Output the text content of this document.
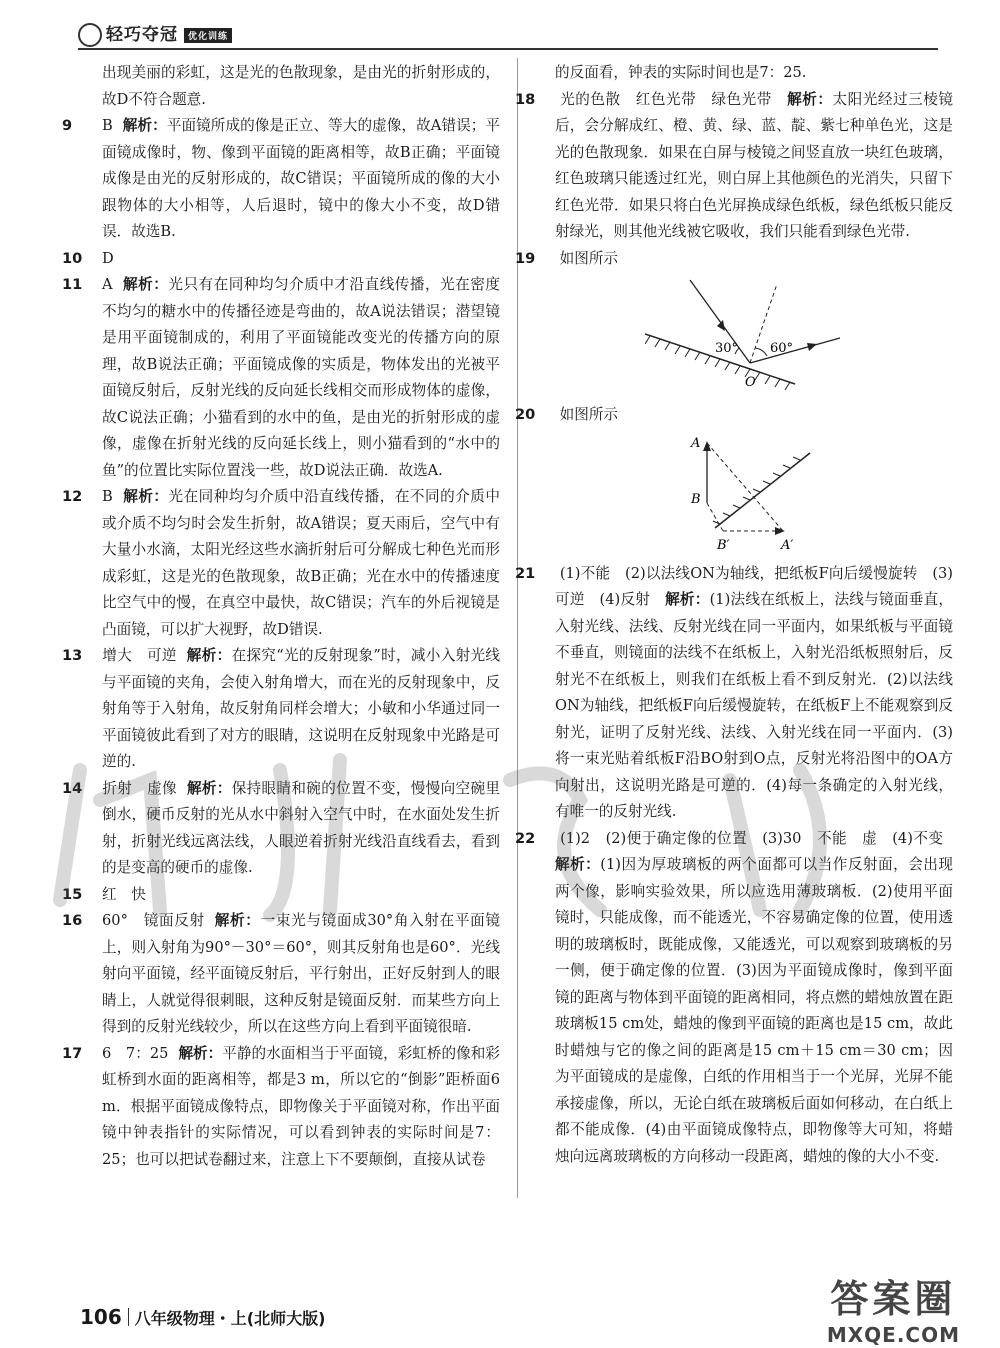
轻巧夺冠 优化训练
出现美丽的彩虹，这是光的色散现象，是由光的折射形成的，故D不符合题意.
9 B 解析：平面镜所成的像是正立、等大的虚像，故A错误；平面镜成像时，物、像到平面镜的距离相等，故B正确；平面镜成像是由光的反射形成的，故C错误；平面镜所成的像的大小跟物体的大小相等，人后退时，镜中的像大小不变，故D错误．故选B.
10 D
11 A 解析：光只有在同种均匀介质中才沿直线传播，光在密度不均匀的糖水中的传播径迹是弯曲的，故A说法错误；潜望镜是用平面镜制成的，利用了平面镜能改变光的传播方向的原理，故B说法正确；平面镜成像的实质是，物体发出的光被平面镜反射后，反射光线的反向延长线相交而形成物体的虚像，故C说法正确；小猫看到的水中的鱼，是由光的折射形成的虚像，虚像在折射光线的反向延长线上，则小猫看到的“水中的鱼”的位置比实际位置浅一些，故D说法正确．故选A.
12 B 解析：光在同种均匀介质中沿直线传播，在不同的介质中或介质不均匀时会发生折射，故A错误；夏天雨后，空气中有大量小水滴，太阳光经这些水滴折射后可分解成七种色光而形成彩虹，这是光的色散现象，故B正确；光在水中的传播速度比空气中的慢，在真空中最快，故C错误；汽车的外后视镜是凸面镜，可以扩大视野，故D错误.
13 增大　可逆 解析：在探究“光的反射现象”时，减小入射光线与平面镜的夹角，会使入射角增大，而在光的反射现象中，反射角等于入射角，故反射角同样会增大；小敏和小华通过同一平面镜彼此看到了对方的眼睛，这说明在反射现象中光路是可逆的.
14 折射　虚像 解析：保持眼睛和碗的位置不变，慢慢向空碗里倒水，硬币反射的光从水中斜射入空气中时，在水面处发生折射，折射光线远离法线，人眼逆着折射光线沿直线看去，看到的是变高的硬币的虚像.
15 红　快
16 60°　镜面反射 解析：一束光与镜面成30°角入射在平面镜上，则入射角为90°－30°＝60°，则其反射角也是60°．光线射向平面镜，经平面镜反射后，平行射出，正好反射到人的眼睛上，人就觉得很刺眼，这种反射是镜面反射．而某些方向上得到的反射光线较少，所以在这些方向上看到平面镜很暗.
17 6　7：25 解析：平静的水面相当于平面镜，彩虹桥的像和彩虹桥到水面的距离相等，都是3 m，所以它的“倒影”距桥面6 m．根据平面镜成像特点，即物像关于平面镜对称，作出平面镜中钟表指针的实际情况，可以看到钟表的实际时间是7：25；也可以把试卷翻过来，注意上下不要颠倒，直接从试卷
的反面看，钟表的实际时间也是7：25.
18 光的色散　红色光带　绿色光带 解析：太阳光经过三棱镜后，会分解成红、橙、黄、绿、蓝、靛、紫七种单色光，这是光的色散现象．如果在白屏与棱镜之间竖直放一块红色玻璃，红色玻璃只能透过红光，则白屏上其他颜色的光消失，只留下红色光带．如果只将白色光屏换成绿色纸板，绿色纸板只能反射绿光，则其他光线被它吸收，我们只能看到绿色光带.
19 如图所示
30° 60°
O
20 如图所示
A
B
B′	A′
21 (1)不能　(2)以法线ON为轴线，把纸板F向后缓慢旋转　(3)可逆　(4)反射 解析：(1)法线在纸板上，法线与镜面垂直，入射光线、法线、反射光线在同一平面内，如果纸板与平面镜不垂直，则镜面的法线不在纸板上，入射光沿纸板照射后，反射光不在纸板上，则我们在纸板上看不到反射光．(2)以法线ON为轴线，把纸板F向后缓慢旋转，在纸板F上不能观察到反射光，证明了反射光线、法线、入射光线在同一平面内．(3)将一束光贴着纸板F沿BO射到O点，反射光将沿图中的OA方向射出，这说明光路是可逆的．(4)每一条确定的入射光线，有唯一的反射光线.
22 (1)2　(2)便于确定像的位置　(3)30　不能　虚　(4)不变 解析：(1)因为厚玻璃板的两个面都可以当作反射面，会出现两个像，影响实验效果，所以应选用薄玻璃板．(2)使用平面镜时，只能成像，而不能透光，不容易确定像的位置，使用透明的玻璃板时，既能成像，又能透光，可以观察到玻璃板的另一侧，便于确定像的位置．(3)因为平面镜成像时，像到平面镜的距离与物体到平面镜的距离相同，将点燃的蜡烛放置在距玻璃板15 cm处，蜡烛的像到平面镜的距离也是15 cm，故此时蜡烛与它的像之间的距离是15 cm＋15 cm＝30 cm；因为平面镜成的是虚像，白纸的作用相当于一个光屏，光屏不能承接虚像，所以，无论白纸在玻璃板后面如何移动，在白纸上都不能成像．(4)由平面镜成像特点，即物像等大可知，将蜡烛向远离玻璃板的方向移动一段距离，蜡烛的像的大小不变.
106 八年级物理・上(北师大版)	答案圈
MXQE.COM
